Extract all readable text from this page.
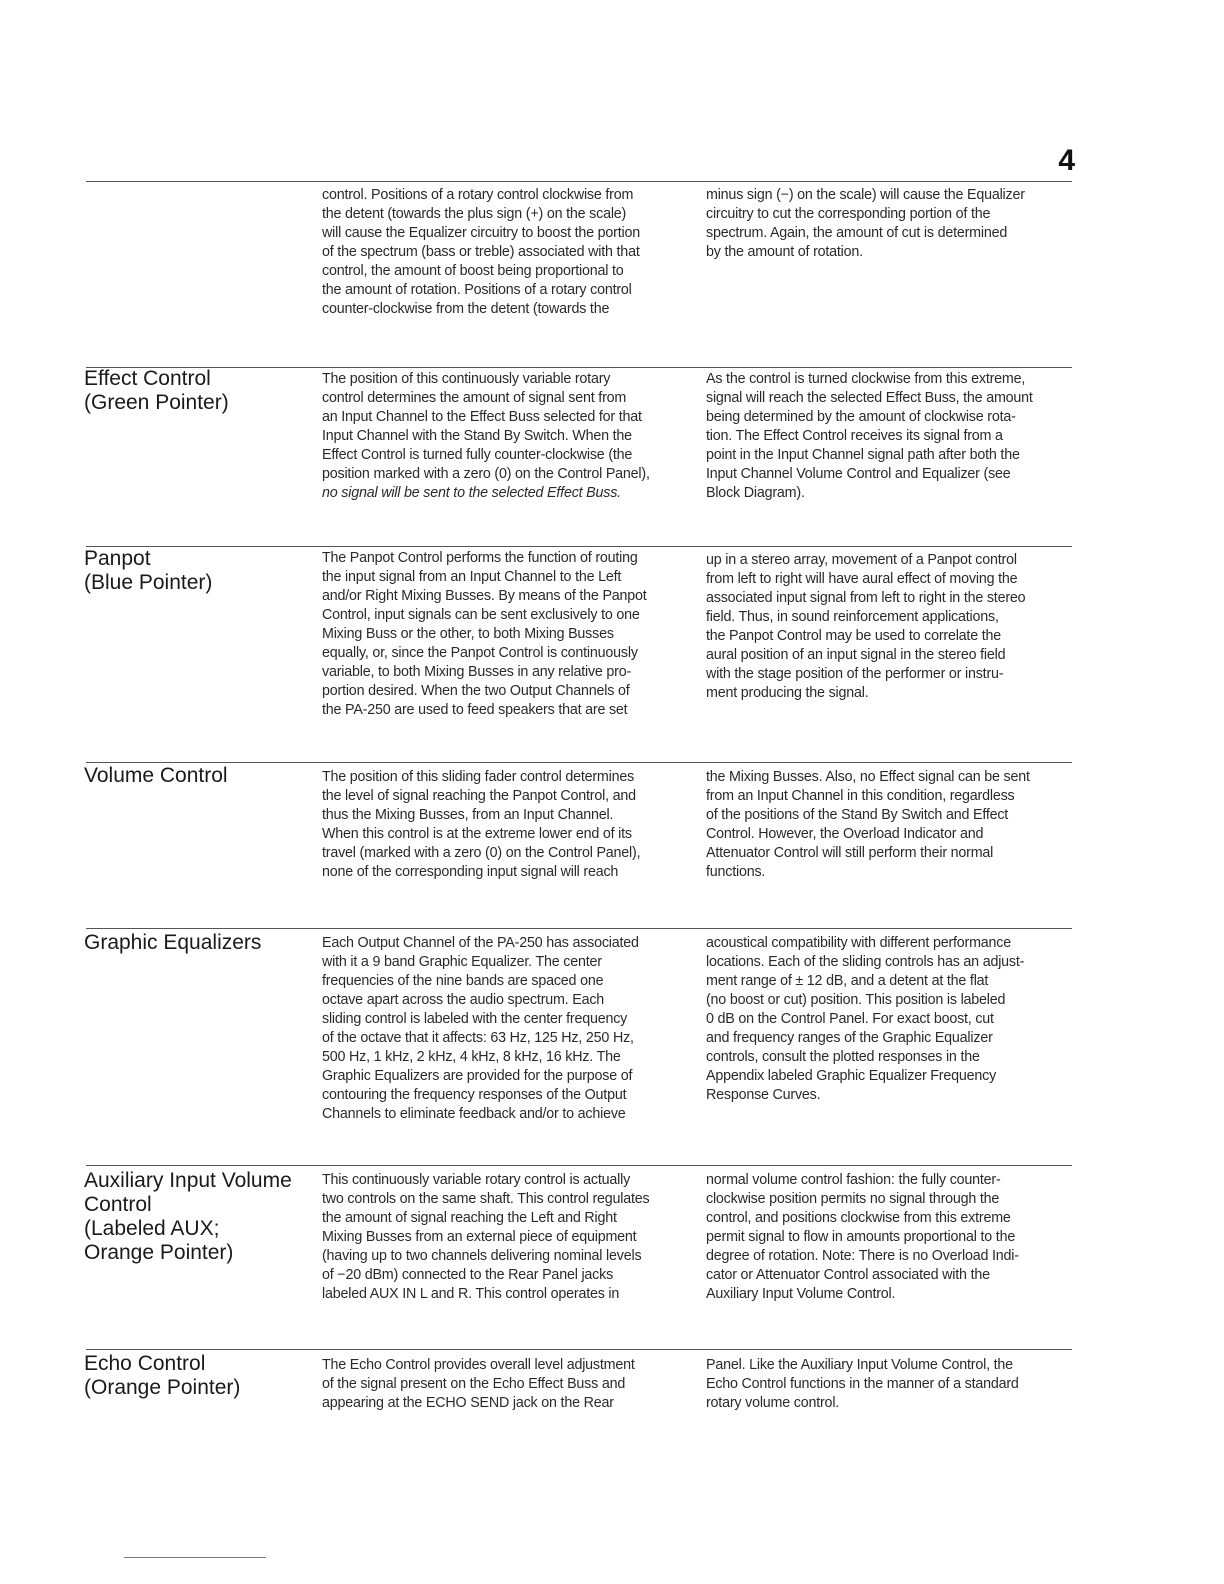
4
control. Positions of a rotary control clockwise from
the detent (towards the plus sign (+) on the scale)
will cause the Equalizer circuitry to boost the portion
of the spectrum (bass or treble) associated with that
control, the amount of boost being proportional to
the amount of rotation. Positions of a rotary control
counter-clockwise from the detent (towards the
minus sign (−) on the scale) will cause the Equalizer
circuitry to cut the corresponding portion of the
spectrum. Again, the amount of cut is determined
by the amount of rotation.
Effect Control
(Green Pointer)
The position of this continuously variable rotary
control determines the amount of signal sent from
an Input Channel to the Effect Buss selected for that
Input Channel with the Stand By Switch. When the
Effect Control is turned fully counter-clockwise (the
position marked with a zero (0) on the Control Panel),
no signal will be sent to the selected Effect Buss.
As the control is turned clockwise from this extreme,
signal will reach the selected Effect Buss, the amount
being determined by the amount of clockwise rota-
tion. The Effect Control receives its signal from a
point in the Input Channel signal path after both the
Input Channel Volume Control and Equalizer (see
Block Diagram).
Panpot
(Blue Pointer)
The Panpot Control performs the function of routing
the input signal from an Input Channel to the Left
and/or Right Mixing Busses. By means of the Panpot
Control, input signals can be sent exclusively to one
Mixing Buss or the other, to both Mixing Busses
equally, or, since the Panpot Control is continuously
variable, to both Mixing Busses in any relative pro-
portion desired. When the two Output Channels of
the PA-250 are used to feed speakers that are set
up in a stereo array, movement of a Panpot control
from left to right will have aural effect of moving the
associated input signal from left to right in the stereo
field. Thus, in sound reinforcement applications,
the Panpot Control may be used to correlate the
aural position of an input signal in the stereo field
with the stage position of the performer or instru-
ment producing the signal.
Volume Control	The position of this sliding fader control determines
the level of signal reaching the Panpot Control, and
thus the Mixing Busses, from an Input Channel.
When this control is at the extreme lower end of its
travel (marked with a zero (0) on the Control Panel),
none of the corresponding input signal will reach
the Mixing Busses. Also, no Effect signal can be sent
from an Input Channel in this condition, regardless
of the positions of the Stand By Switch and Effect
Control. However, the Overload Indicator and
Attenuator Control will still perform their normal
functions.
Graphic Equalizers	Each Output Channel of the PA-250 has associated
with it a 9 band Graphic Equalizer. The center
frequencies of the nine bands are spaced one
octave apart across the audio spectrum. Each
sliding control is labeled with the center frequency
of the octave that it affects: 63 Hz, 125 Hz, 250 Hz,
500 Hz, 1 kHz, 2 kHz, 4 kHz, 8 kHz, 16 kHz. The
Graphic Equalizers are provided for the purpose of
contouring the frequency responses of the Output
Channels to eliminate feedback and/or to achieve
acoustical compatibility with different performance
locations. Each of the sliding controls has an adjust-
ment range of ± 12 dB, and a detent at the flat
(no boost or cut) position. This position is labeled
0 dB on the Control Panel. For exact boost, cut
and frequency ranges of the Graphic Equalizer
controls, consult the plotted responses in the
Appendix labeled Graphic Equalizer Frequency
Response Curves.
Auxiliary Input Volume
Control
(Labeled AUX;
Orange Pointer)
This continuously variable rotary control is actually
two controls on the same shaft. This control regulates
the amount of signal reaching the Left and Right
Mixing Busses from an external piece of equipment
(having up to two channels delivering nominal levels
of −20 dBm) connected to the Rear Panel jacks
labeled AUX IN L and R. This control operates in
normal volume control fashion: the fully counter-
clockwise position permits no signal through the
control, and positions clockwise from this extreme
permit signal to flow in amounts proportional to the
degree of rotation. Note: There is no Overload Indi-
cator or Attenuator Control associated with the
Auxiliary Input Volume Control.
Echo Control
(Orange Pointer)
The Echo Control provides overall level adjustment
of the signal present on the Echo Effect Buss and
appearing at the ECHO SEND jack on the Rear
Panel. Like the Auxiliary Input Volume Control, the
Echo Control functions in the manner of a standard
rotary volume control.
